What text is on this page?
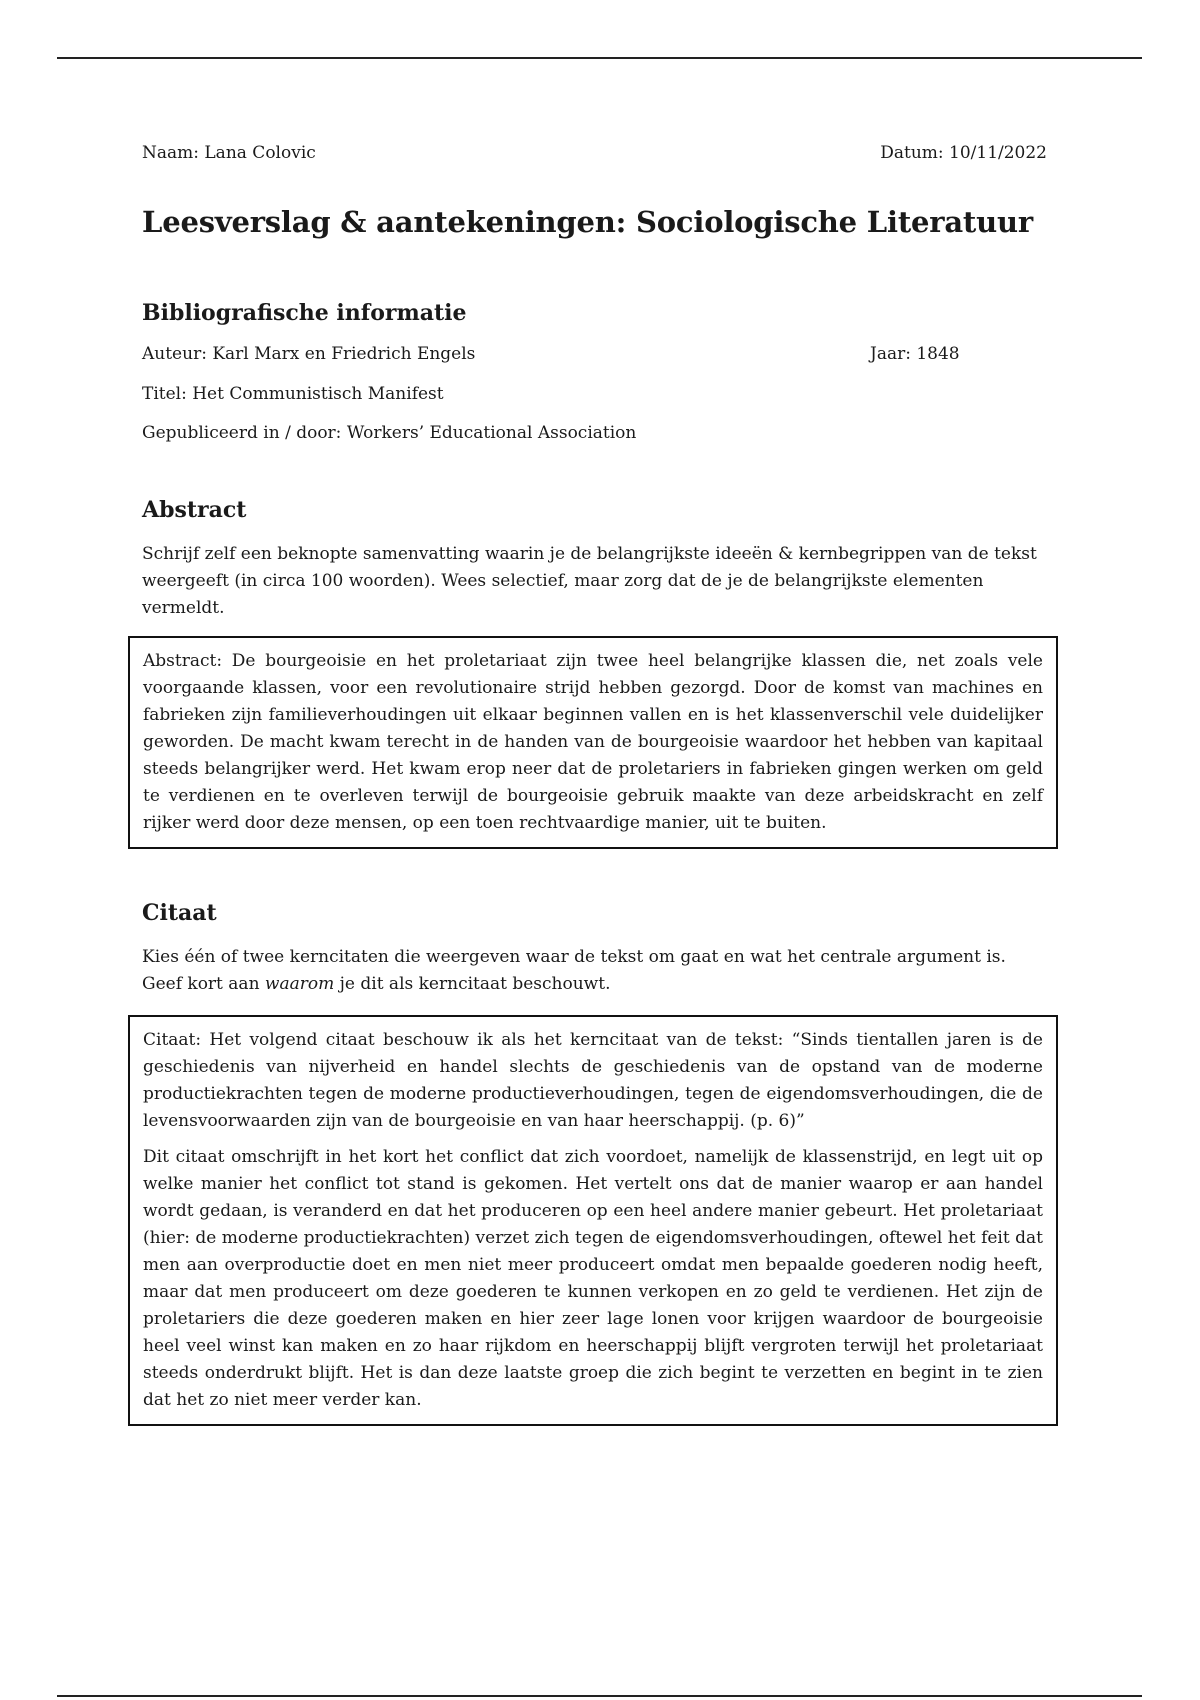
Naam: Lana Colovic	Datum: 10/11/2022
Leesverslag & aantekeningen: Sociologische Literatuur
Bibliografische informatie
Auteur: Karl Marx en Friedrich Engels	Jaar: 1848
Titel: Het Communistisch Manifest
Gepubliceerd in / door: Workers’ Educational Association
Abstract

Schrijf zelf een beknopte samenvatting waarin je de belangrijkste ideeën & kernbegrippen van de tekst weergeeft (in circa 100 woorden). Wees selectief, maar zorg dat de je de belangrijkste elementen vermeldt.

Abstract: De bourgeoisie en het proletariaat zijn twee heel belangrijke klassen die, net zoals vele voorgaande klassen, voor een revolutionaire strijd hebben gezorgd. Door de komst van machines en fabrieken zijn familieverhoudingen uit elkaar beginnen vallen en is het klassenverschil vele duidelijker geworden. De macht kwam terecht in de handen van de bourgeoisie waardoor het hebben van kapitaal steeds belangrijker werd. Het kwam erop neer dat de proletariers in fabrieken gingen werken om geld te verdienen en te overleven terwijl de bourgeoisie gebruik maakte van deze arbeidskracht en zelf rijker werd door deze mensen, op een toen rechtvaardige manier, uit te buiten.

Citaat

Kies één of twee kerncitaten die weergeven waar de tekst om gaat en wat het centrale argument is. Geef kort aan waarom je dit als kerncitaat beschouwt.

Citaat: Het volgend citaat beschouw ik als het kerncitaat van de tekst: “Sinds tientallen jaren is de geschiedenis van nijverheid en handel slechts de geschiedenis van de opstand van de moderne productiekrachten tegen de moderne productieverhoudingen, tegen de eigendomsverhoudingen, die de levensvoorwaarden zijn van de bourgeoisie en van haar heerschappij. (p. 6)”

Dit citaat omschrijft in het kort het conflict dat zich voordoet, namelijk de klassenstrijd, en legt uit op welke manier het conflict tot stand is gekomen. Het vertelt ons dat de manier waarop er aan handel wordt gedaan, is veranderd en dat het produceren op een heel andere manier gebeurt. Het proletariaat (hier: de moderne productiekrachten) verzet zich tegen de eigendomsverhoudingen, oftewel het feit dat men aan overproductie doet en men niet meer produceert omdat men bepaalde goederen nodig heeft, maar dat men produceert om deze goederen te kunnen verkopen en zo geld te verdienen. Het zijn de proletariers die deze goederen maken en hier zeer lage lonen voor krijgen waardoor de bourgeoisie heel veel winst kan maken en zo haar rijkdom en heerschappij blijft vergroten terwijl het proletariaat steeds onderdrukt blijft. Het is dan deze laatste groep die zich begint te verzetten en begint in te zien dat het zo niet meer verder kan.
